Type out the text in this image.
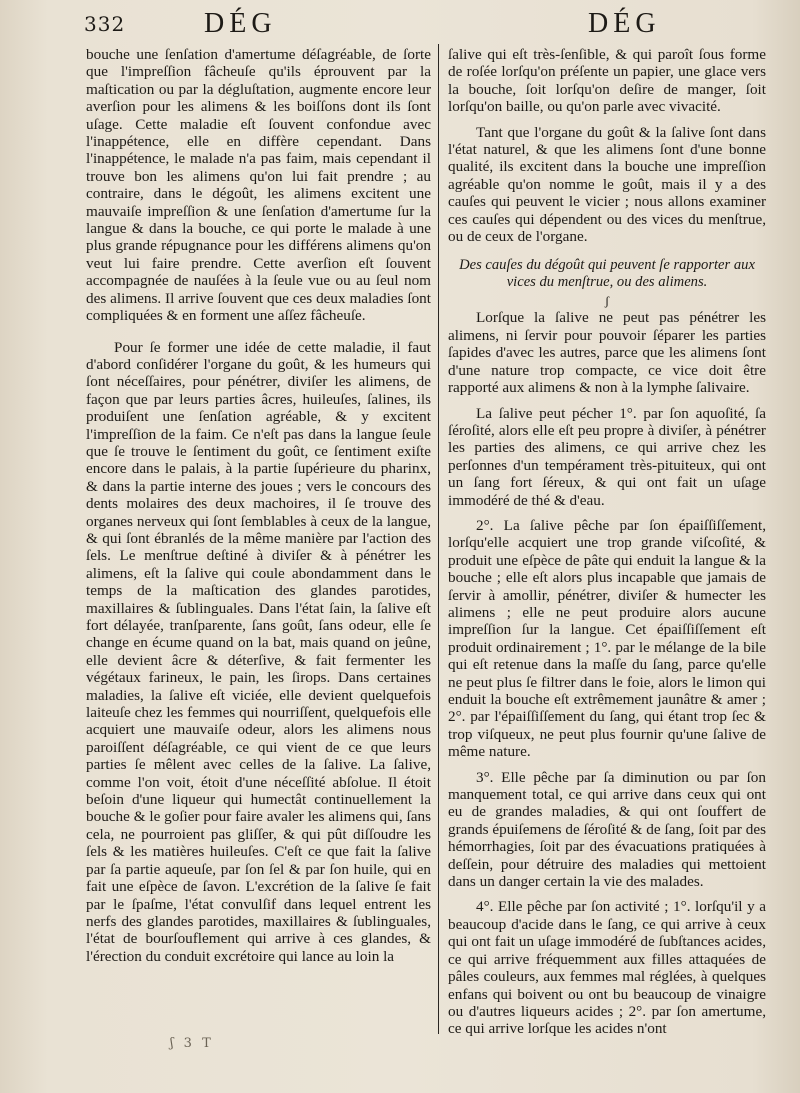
332	DÉG	DÉG

bouche une ſenſation d'amertume déſagréable, de ſorte que l'impreſſion fâcheuſe qu'ils éprouvent par la maſtication ou par la dégluſtation, augmente encore leur averſion pour les alimens & les boiſſons dont ils ſont uſage. Cette maladie eſt ſouvent confondue avec l'inappétence, elle en diffère cependant. Dans l'inappétence, le malade n'a pas faim, mais cependant il trouve bon les alimens qu'on lui fait prendre ; au contraire, dans le dégoût, les alimens excitent une mauvaiſe impreſſion & une ſenſation d'amertume ſur la langue & dans la bouche, ce qui porte le malade à une plus grande répugnance pour les différens alimens qu'on veut lui faire prendre. Cette averſion eſt ſouvent accompagnée de nauſées à la ſeule vue ou au ſeul nom des alimens. Il arrive ſouvent que ces deux maladies ſont compliquées & en forment une aſſez fâcheuſe.

Pour ſe former une idée de cette maladie, il faut d'abord conſidérer l'organe du goût, & les humeurs qui ſont néceſſaires, pour pénétrer, diviſer les alimens, de façon que par leurs parties âcres, huileuſes, ſalines, ils produiſent une ſenſation agréable, & y excitent l'impreſſion de la faim. Ce n'eſt pas dans la langue ſeule que ſe trouve le ſentiment du goût, ce ſentiment exiſte encore dans le palais, à la partie ſupérieure du pharinx, & dans la partie interne des joues ; vers le concours des dents molaires des deux machoires, il ſe trouve des organes nerveux qui ſont ſemblables à ceux de la langue, & qui ſont ébranlés de la même manière par l'action des ſels. Le menſtrue deſtiné à diviſer & à pénétrer les alimens, eſt la ſalive qui coule abondamment dans le temps de la maſtication des glandes parotides, maxillaires & ſublinguales. Dans l'état ſain, la ſalive eſt fort délayée, tranſparente, ſans goût, ſans odeur, elle ſe change en écume quand on la bat, mais quand on jeûne, elle devient âcre & déterſive, & fait fermenter les végétaux farineux, le pain, les ſirops. Dans certaines maladies, la ſalive eſt viciée, elle devient quelquefois laiteuſe chez les femmes qui nourriſſent, quelquefois elle acquiert une mauvaiſe odeur, alors les alimens nous paroiſſent déſagréable, ce qui vient de ce que leurs parties ſe mêlent avec celles de la ſalive. La ſalive, comme l'on voit, étoit d'une néceſſité abſolue. Il étoit beſoin d'une liqueur qui humectât continuellement la bouche & le goſier pour faire avaler les alimens qui, ſans cela, ne pourroient pas gliſſer, & qui pût diſſoudre les ſels & les matières huileuſes. C'eſt ce que fait la ſalive par ſa partie aqueuſe, par ſon ſel & par ſon huile, qui en fait une eſpèce de ſavon. L'excrétion de la ſalive ſe fait par le ſpaſme, l'état convulſif dans lequel entrent les nerfs des glandes parotides, maxillaires & ſublinguales, l'état de bourſouflement qui arrive à ces glandes, & l'érection du conduit excrétoire qui lance au loin la

ſalive qui eſt très-ſenſible, & qui paroît ſous forme de roſée lorſqu'on préſente un papier, une glace vers la bouche, ſoit lorſqu'on deſire de manger, ſoit lorſqu'on baille, ou qu'on parle avec vivacité.

Tant que l'organe du goût & la ſalive ſont dans l'état naturel, & que les alimens ſont d'une bonne qualité, ils excitent dans la bouche une impreſſion agréable qu'on nomme le goût, mais il y a des cauſes qui peuvent le vicier ; nous allons examiner ces cauſes qui dépendent ou des vices du menſtrue, ou de ceux de l'organe.

Des cauſes du dégoût qui peuvent ſe rapporter aux vices du menſtrue, ou des alimens.
ʃ

Lorſque la ſalive ne peut pas pénétrer les alimens, ni ſervir pour pouvoir ſéparer les parties ſapides d'avec les autres, parce que les alimens ſont d'une nature trop compacte, ce vice doit être rapporté aux alimens & non à la lymphe ſalivaire.

La ſalive peut pécher 1°. par ſon aquoſité, ſa ſéroſité, alors elle eſt peu propre à diviſer, à pénétrer les parties des alimens, ce qui arrive chez les perſonnes d'un tempérament très-pituiteux, qui ont un ſang fort ſéreux, & qui ont fait un uſage immodéré de thé & d'eau.

2°. La ſalive pêche par ſon épaiſſiſſement, lorſqu'elle acquiert une trop grande viſcoſité, & produit une eſpèce de pâte qui enduit la langue & la bouche ; elle eſt alors plus incapable que jamais de ſervir à amollir, pénétrer, diviſer & humecter les alimens ; elle ne peut produire alors aucune impreſſion ſur la langue. Cet épaiſſiſſement eſt produit ordinairement ; 1°. par le mélange de la bile qui eſt retenue dans la maſſe du ſang, parce qu'elle ne peut plus ſe filtrer dans le foie, alors le limon qui enduit la bouche eſt extrêmement jaunâtre & amer ; 2°. par l'épaiſſiſſement du ſang, qui étant trop ſec & trop viſqueux, ne peut plus fournir qu'une ſalive de même nature.

3°. Elle pêche par ſa diminution ou par ſon manquement total, ce qui arrive dans ceux qui ont eu de grandes maladies, & qui ont ſouffert de grands épuiſemens de ſéroſité & de ſang, ſoit par des hémorrhagies, ſoit par des évacuations pratiquées à deſſein, pour détruire des maladies qui mettoient dans un danger certain la vie des malades.

4°. Elle pêche par ſon activité ; 1°. lorſqu'il y a beaucoup d'acide dans le ſang, ce qui arrive à ceux qui ont fait un uſage immodéré de ſubſtances acides, ce qui arrive fréquemment aux filles attaquées de pâles couleurs, aux femmes mal réglées, à quelques enfans qui boivent ou ont bu beaucoup de vinaigre ou d'autres liqueurs acides ; 2°. par ſon amertume, ce qui arrive lorſque les acides n'ont

ʃ 3 T
